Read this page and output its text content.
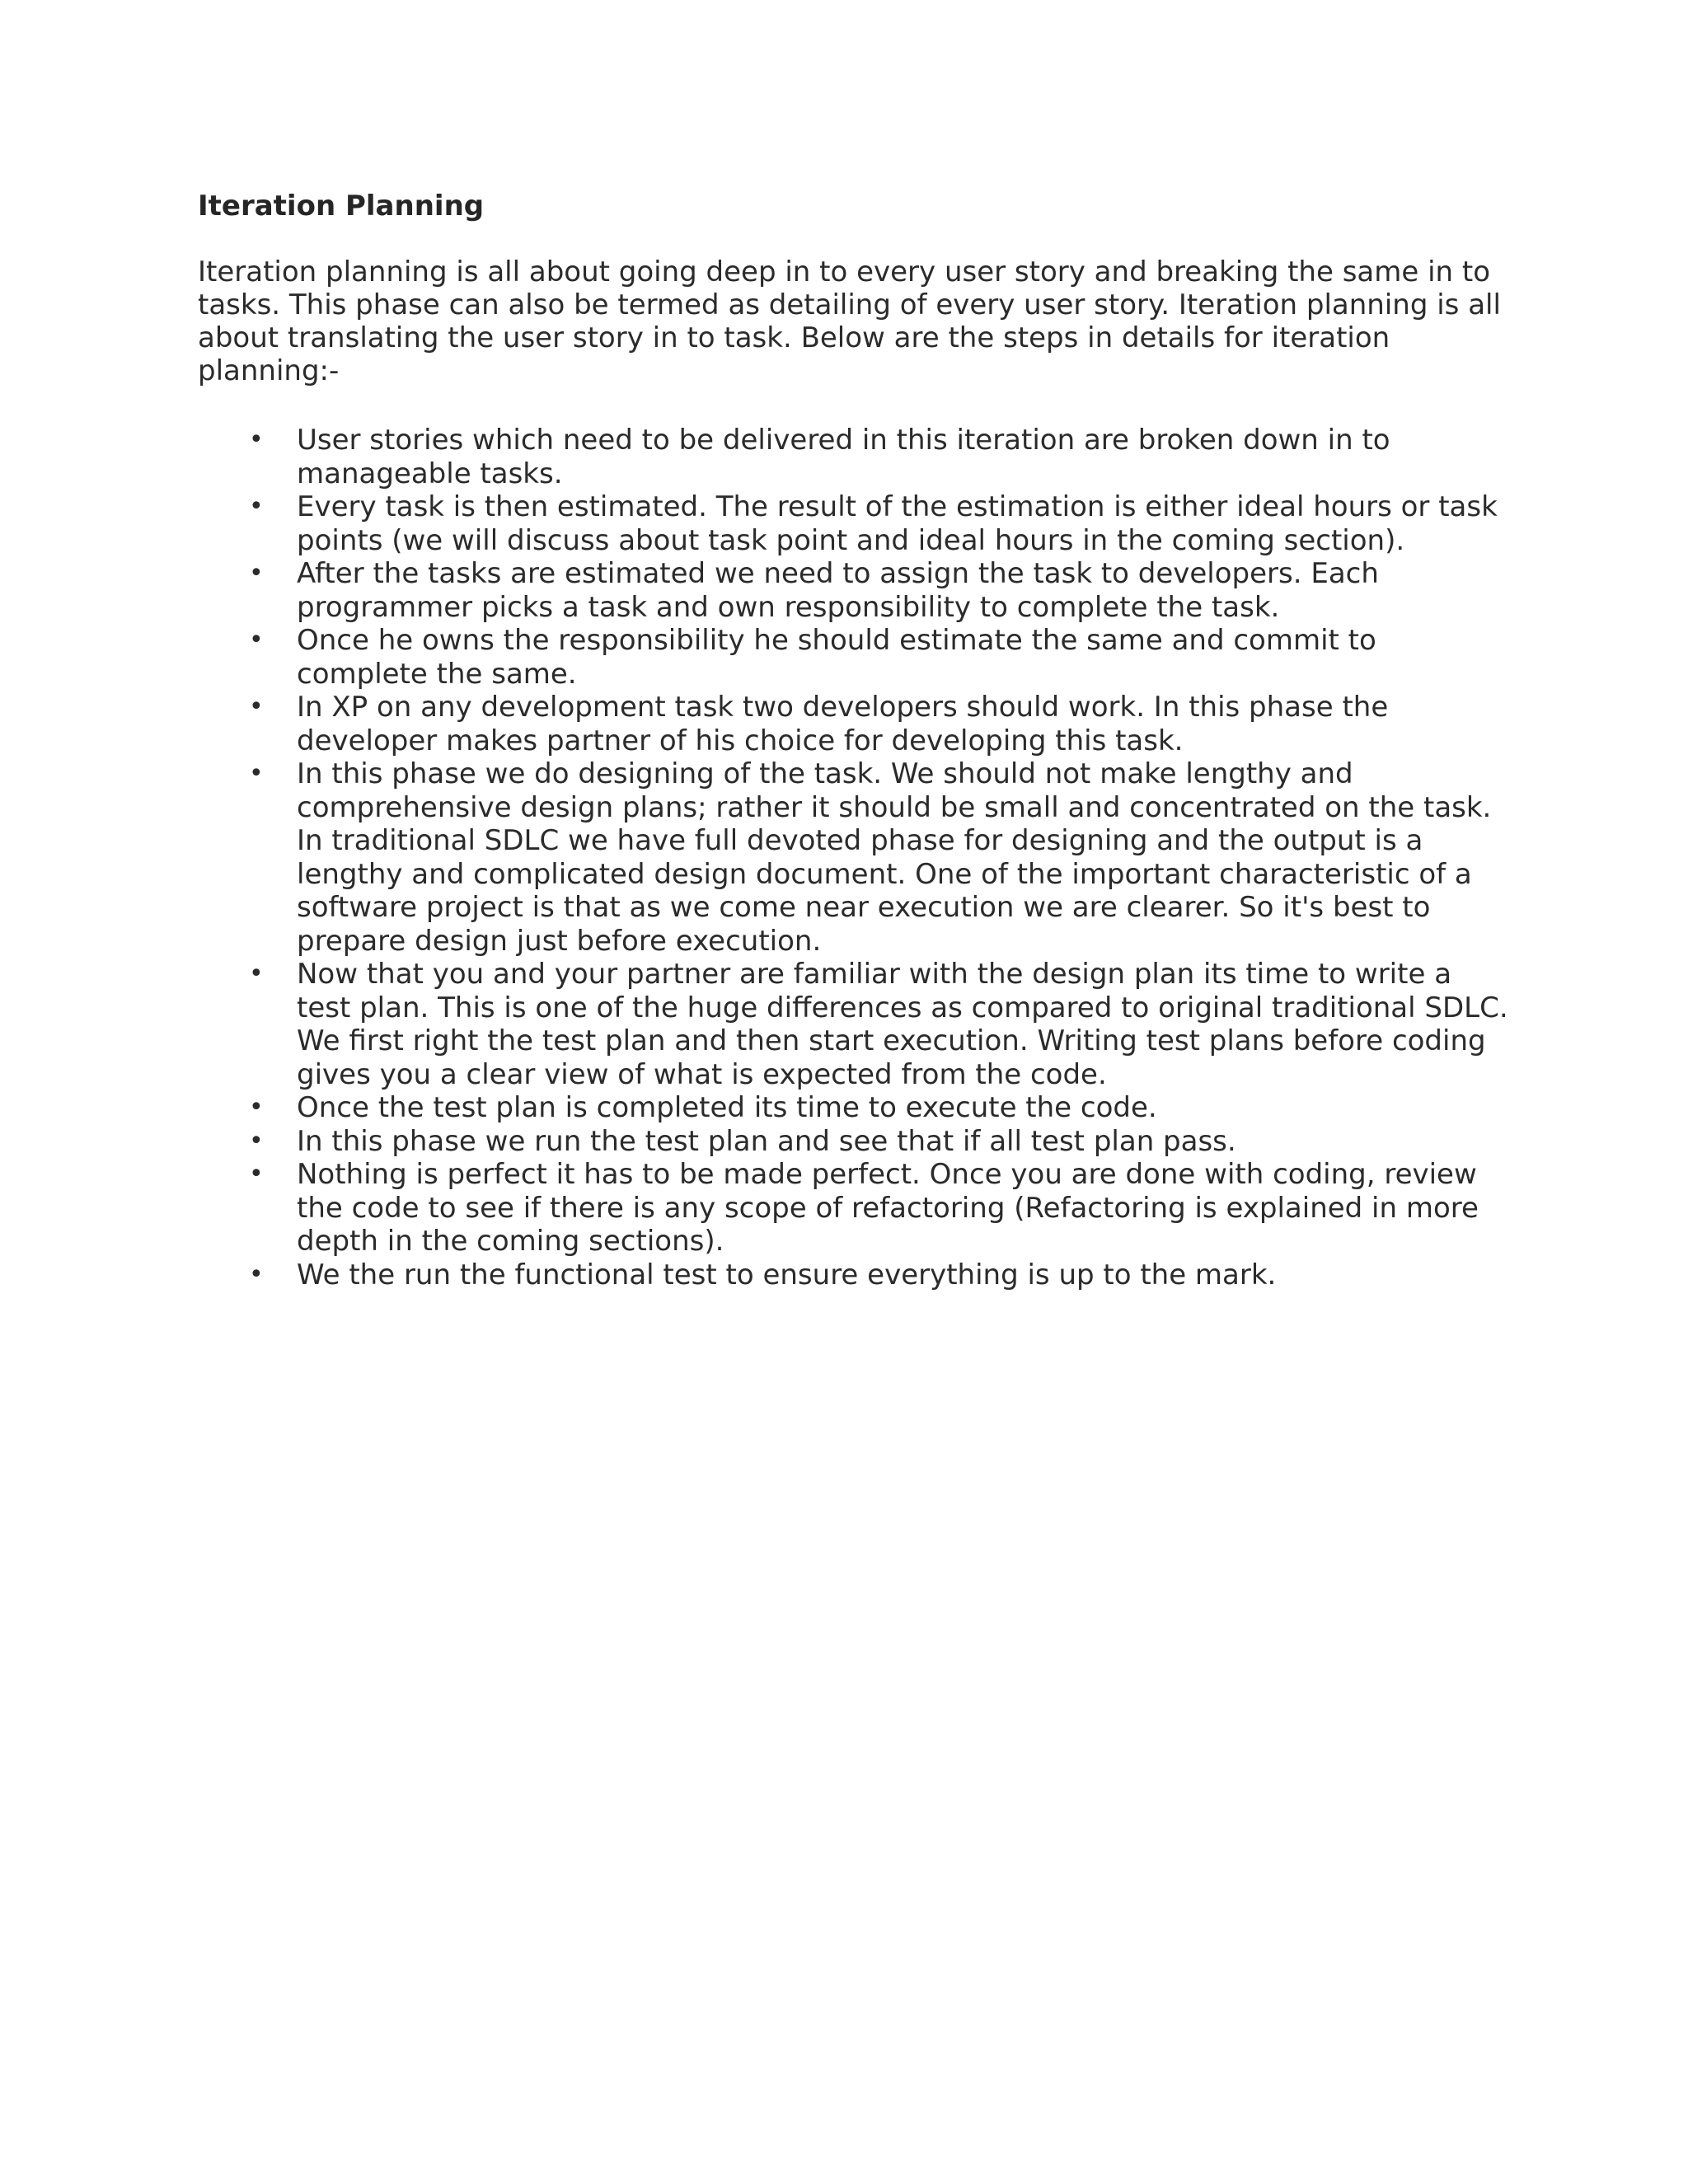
Iteration Planning

Iteration planning is all about going deep in to every user story and breaking the same in to tasks. This phase can also be termed as detailing of every user story. Iteration planning is all about translating the user story in to task. Below are the steps in details for iteration planning:-

• User stories which need to be delivered in this iteration are broken down in to manageable tasks.
• Every task is then estimated. The result of the estimation is either ideal hours or task points (we will discuss about task point and ideal hours in the coming section).
• After the tasks are estimated we need to assign the task to developers. Each programmer picks a task and own responsibility to complete the task.
• Once he owns the responsibility he should estimate the same and commit to complete the same.
• In XP on any development task two developers should work. In this phase the developer makes partner of his choice for developing this task.
• In this phase we do designing of the task. We should not make lengthy and comprehensive design plans; rather it should be small and concentrated on the task. In traditional SDLC we have full devoted phase for designing and the output is a lengthy and complicated design document. One of the important characteristic of a software project is that as we come near execution we are clearer. So it's best to prepare design just before execution.
• Now that you and your partner are familiar with the design plan its time to write a test plan. This is one of the huge differences as compared to original traditional SDLC. We first right the test plan and then start execution. Writing test plans before coding gives you a clear view of what is expected from the code.
• Once the test plan is completed its time to execute the code.
• In this phase we run the test plan and see that if all test plan pass.
• Nothing is perfect it has to be made perfect. Once you are done with coding, review the code to see if there is any scope of refactoring (Refactoring is explained in more depth in the coming sections).
• We the run the functional test to ensure everything is up to the mark.
